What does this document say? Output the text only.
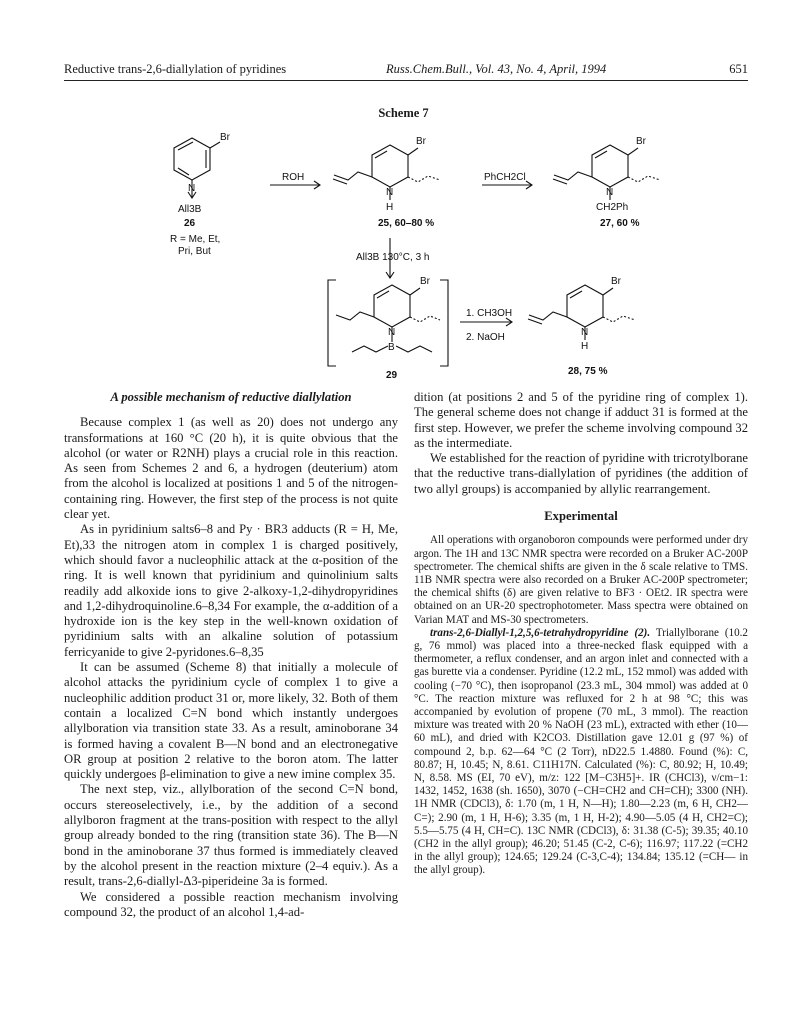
Reductive trans-2,6-diallylation of pyridines	Russ.Chem.Bull., Vol. 43, No. 4, April, 1994	651
Scheme 7
Br
N
All3B
26
R = Me, Et,
Pri, But
ROH
Br
N
H
25, 60–80 %
PhCH2Cl
Br
N
CH2Ph
27, 60 %
All3B 130°C, 3 h
Br
N
B
29
1. CH3OH
2. NaOH
Br
N
H
28, 75 %
A possible mechanism of reductive diallylation

Because complex 1 (as well as 20) does not undergo any transformations at 160 °C (20 h), it is quite obvious that the alcohol (or water or R2NH) plays a crucial role in this reaction. As seen from Schemes 2 and 6, a hydrogen (deuterium) atom from the alcohol is localized at positions 1 and 5 of the nitrogen-containing ring. However, the first step of the process is not quite clear yet.

As in pyridinium salts6–8 and Py · BR3 adducts (R = H, Me, Et),33 the nitrogen atom in complex 1 is charged positively, which should favor a nucleophilic attack at the α-position of the ring. It is well known that pyridinium and quinolinium salts readily add alkoxide ions to give 2-alkoxy-1,2-dihydropyridines and 1,2-dihydroquinoline.6–8,34 For example, the α-addition of a hydroxide ion is the key step in the well-known oxidation of pyridinium salts with an alkaline solution of potassium ferricyanide to give 2-pyridones.6–8,35

It can be assumed (Scheme 8) that initially a molecule of alcohol attacks the pyridinium cycle of complex 1 to give a nucleophilic addition product 31 or, more likely, 32. Both of them contain a localized C=N bond which instantly undergoes allylboration via transition state 33. As a result, aminoborane 34 is formed having a covalent B—N bond and an electronegative OR group at position 2 relative to the boron atom. The latter quickly undergoes β-elimination to give a new imine complex 35.

The next step, viz., allylboration of the second C=N bond, occurs stereoselectively, i.e., by the addition of a second allylboron fragment at the trans-position with respect to the allyl group already bonded to the ring (transition state 36). The B—N bond in the aminoborane 37 thus formed is immediately cleaved by the alcohol present in the reaction mixture (2–4 equiv.). As a result, trans-2,6-diallyl-Δ3-piperideine 3a is formed.

We considered a possible reaction mechanism involving compound 32, the product of an alcohol 1,4-ad-

dition (at positions 2 and 5 of the pyridine ring of complex 1). The general scheme does not change if adduct 31 is formed at the first step. However, we prefer the scheme involving compound 32 as the intermediate.

We established for the reaction of pyridine with tricrotylborane that the reductive trans-diallylation of pyridines (the addition of two allyl groups) is accompanied by allylic rearrangement.

Experimental

All operations with organoboron compounds were performed under dry argon. The 1H and 13C NMR spectra were recorded on a Bruker AC-200P spectrometer. The chemical shifts are given in the δ scale relative to TMS. 11B NMR spectra were also recorded on a Bruker AC-200P spectrometer; the chemical shifts (δ) are given relative to BF3 · OEt2. IR spectra were obtained on an UR-20 spectrophotometer. Mass spectra were obtained on Varian MAT and MS-30 spectrometers.

trans-2,6-Diallyl-1,2,5,6-tetrahydropyridine (2). Triallylborane (10.2 g, 76 mmol) was placed into a three-necked flask equipped with a thermometer, a reflux condenser, and an argon inlet and connected with a gas burette via a condenser. Pyridine (12.2 mL, 152 mmol) was added with cooling (−70 °C), then isopropanol (23.3 mL, 304 mmol) was added at 0 °C. The reaction mixture was refluxed for 2 h at 98 °C; this was accompanied by evolution of propene (70 mL, 3 mmol). The reaction mixture was treated with 20 % NaOH (23 mL), extracted with ether (10—60 mL), and dried with K2CO3. Distillation gave 12.01 g (97 %) of compound 2, b.p. 62—64 °C (2 Torr), nD22.5 1.4880. Found (%): C, 80.87; H, 10.45; N, 8.61. C11H17N. Calculated (%): C, 80.92; H, 10.49; N, 8.58. MS (EI, 70 eV), m/z: 122 [M−C3H5]+. IR (CHCl3), ν/cm−1: 1432, 1452, 1638 (sh. 1650), 3070 (−CH=CH2 and CH=CH); 3300 (NH). 1H NMR (CDCl3), δ: 1.70 (m, 1 H, N—H); 1.80—2.23 (m, 6 H, CH2—C=); 2.90 (m, 1 H, H-6); 3.35 (m, 1 H, H-2); 4.90—5.05 (4 H, CH2=C); 5.5—5.75 (4 H, CH=C). 13C NMR (CDCl3), δ: 31.38 (C-5); 39.35; 40.10 (CH2 in the allyl group); 46.20; 51.45 (C-2, C-6); 116.97; 117.22 (=CH2 in the allyl group); 124.65; 129.24 (C-3,C-4); 134.84; 135.12 (=CH— in the allyl group).
